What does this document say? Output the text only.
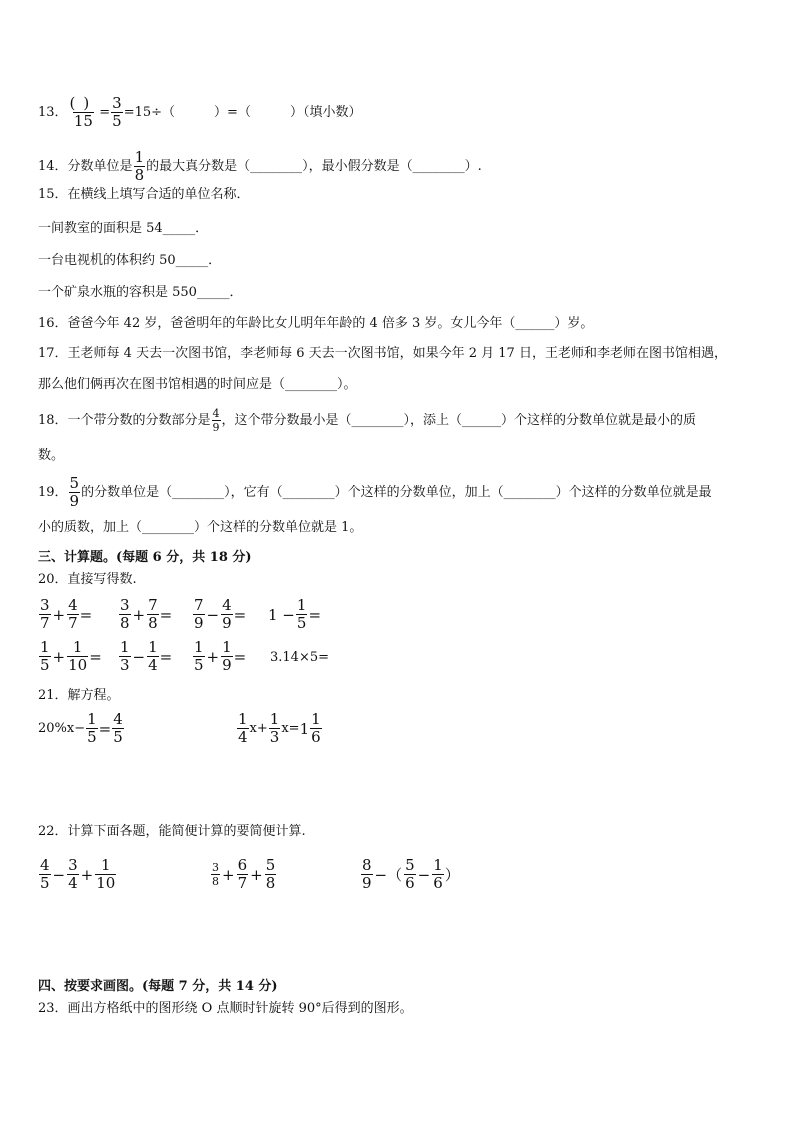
13． $\frac{()}{15} = \frac{3}{5} =15\div$（　　　）=（　　　）（填小数）
14． 分数单位是 $\frac{1}{8}$ 的最大真分数是（________），最小假分数是（________）.
15．在横线上填写合适的单位名称．
一间教室的面积是 54_____．
一台电视机的体积约 50_____．
一个矿泉水瓶的容积是 550_____．
16．爸爸今年 42 岁，爸爸明年的年龄比女儿明年年龄的 4 倍多 3 岁。女儿今年（______）岁。
17．王老师每 4 天去一次图书馆，李老师每 6 天去一次图书馆，如果今年 2 月 17 日，王老师和李老师在图书馆相遇，
那么他们俩再次在图书馆相遇的时间应是（________）。
18．一个带分数的分数部分是 $\frac{4}{9}$ ，这个带分数最小是（________），添上（______）个这样的分数单位就是最小的质
数。
19． $\frac{5}{9}$ 的分数单位是（________），它有（________）个这样的分数单位，加上（________）个这样的分数单位就是最
小的质数，加上（________）个这样的分数单位就是 1。
三、计算题。(每题 6 分，共 18 分)
20．直接写得数.
$\frac{3}{7} + \frac{4}{7} = \frac{3}{8} + \frac{7}{8} = \frac{7}{9} - \frac{4}{9} = 1 - \frac{1}{5}$ =
$\frac{1}{5} + \frac{1}{10} = \frac{1}{3} - \frac{1}{4} = \frac{1}{5} + \frac{1}{9} = 3.14\times 5=$
21．解方程。
$20\%x- \frac{1}{5} = \frac{4}{5}$	$\frac{1}{4} x+ \frac{1}{3} x= 1 \frac{1}{6}$
22．计算下面各题，能简便计算的要简便计算.
$\frac{4}{5} - \frac{3}{4} + \frac{1}{10}$	$\frac{3}{8} + \frac{6}{7} + \frac{5}{8}$	$\frac{8}{9}$ −（ $\frac{5}{6} - \frac{1}{6}$ ）
四、按要求画图。(每题 7 分，共 14 分)
23．画出方格纸中的图形绕 O 点顺时针旋转 90°后得到的图形。
